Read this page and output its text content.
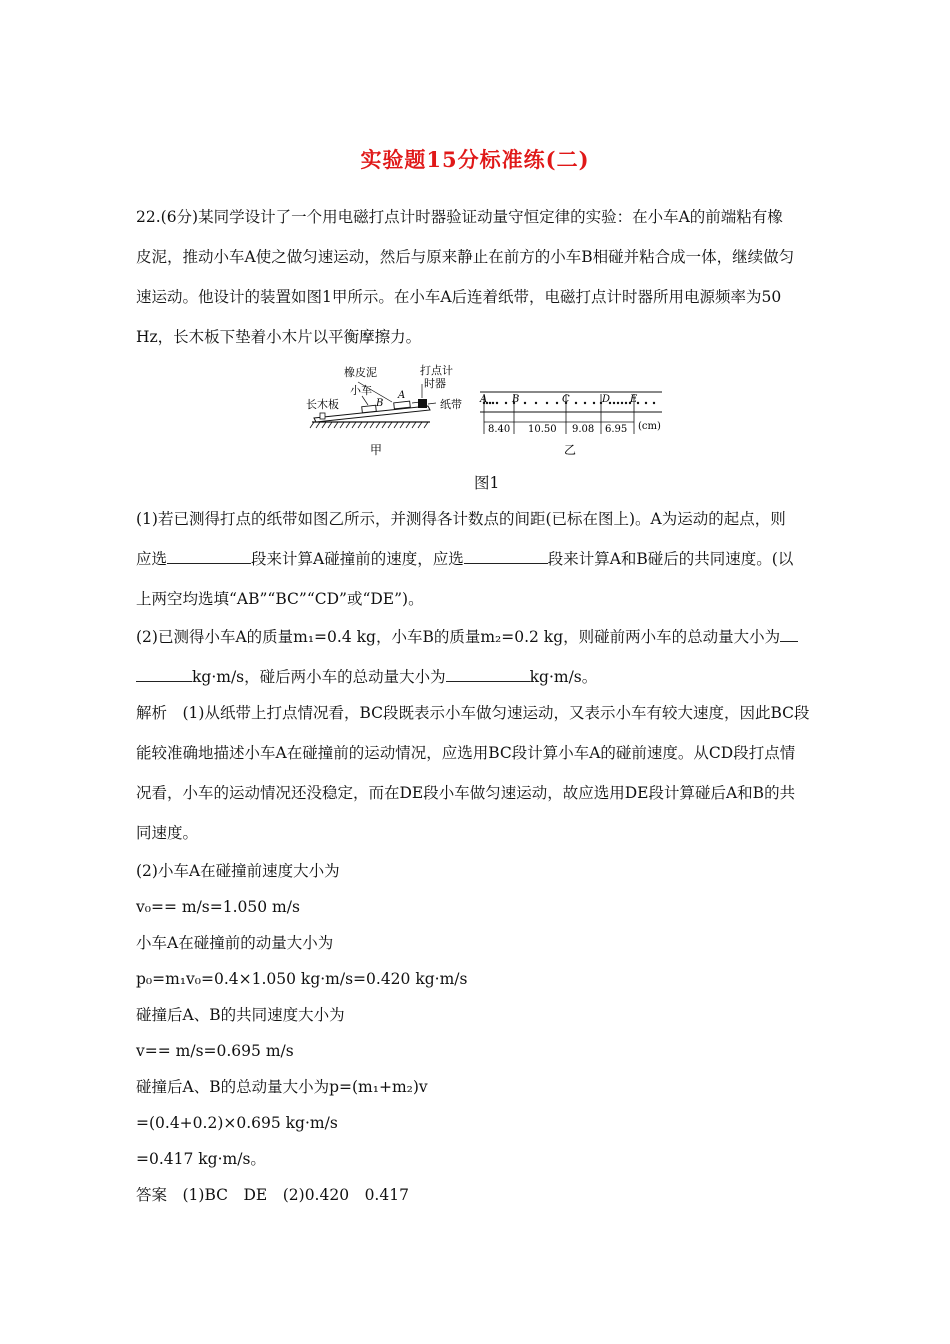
实验题15分标准练(二)
22.(6分)某同学设计了一个用电磁打点计时器验证动量守恒定律的实验：在小车A的前端粘有橡
皮泥，推动小车A使之做匀速运动，然后与原来静止在前方的小车B相碰并粘合成一体，继续做匀
速运动。他设计的装置如图1甲所示。在小车A后连着纸带，电磁打点计时器所用电源频率为50
Hz，长木板下垫着小木片以平衡摩擦力。
橡皮泥
小车
长木板
打点计
时器
纸带
A
B
甲
A B	C	D E
8.40 10.50 9.08 6.95 (cm)
乙
图1
(1)若已测得打点的纸带如图乙所示，并测得各计数点的间距(已标在图上)。A为运动的起点，则
应选	段来计算A碰撞前的速度，应选	段来计算A和B碰后的共同速度。(以
上两空均选填“AB”“BC”“CD”或“DE”)。
(2)已测得小车A的质量m₁=0.4 kg，小车B的质量m₂=0.2 kg，则碰前两小车的总动量大小为
kg·m/s，碰后两小车的总动量大小为	kg·m/s。
解析　(1)从纸带上打点情况看，BC段既表示小车做匀速运动，又表示小车有较大速度，因此BC段
能较准确地描述小车A在碰撞前的运动情况，应选用BC段计算小车A的碰前速度。从CD段打点情
况看，小车的运动情况还没稳定，而在DE段小车做匀速运动，故应选用DE段计算碰后A和B的共
同速度。
(2)小车A在碰撞前速度大小为
v₀== m/s=1.050 m/s
小车A在碰撞前的动量大小为
p₀=m₁v₀=0.4×1.050 kg·m/s=0.420 kg·m/s
碰撞后A、B的共同速度大小为
v== m/s=0.695 m/s
碰撞后A、B的总动量大小为p=(m₁+m₂)v
=(0.4+0.2)×0.695 kg·m/s
=0.417 kg·m/s。
答案　(1)BC　DE　(2)0.420　0.417
